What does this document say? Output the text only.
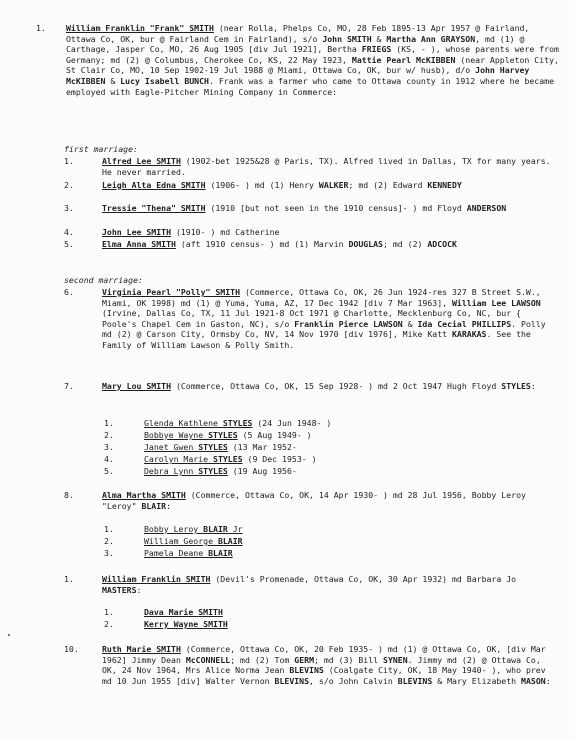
1. William Franklin "Frank" SMITH (near Rolla, Phelps Co, MO, 28 Feb 1895-13 Apr 1957 @ Fairland, Ottawa Co, OK, bur @ Fairland Cem in Fairland), s/o John SMITH & Martha Ann GRAYSON, md (1) @ Carthage, Jasper Co, MO, 26 Aug 1905 [div Jul 1921], Bertha FRIEGS (KS, - ), whose parents were from Germany; md (2) @ Columbus, Cherokee Co, KS, 22 May 1923, Mattie Pearl McKIBBEN (near Appleton City, St Clair Co, MO, 10 Sep 1902-19 Jul 1988 @ Miami, Ottawa Co, OK, bur w/ husb), d/o John Harvey McKIBBEN & Lucy Isabell BUNCH. Frank was a farmer who came to Ottawa county in 1912 where he became employed with Eagle-Pitcher Mining Company in Commerce:
first marriage:
1.	Alfred Lee SMITH (1902-bet 1925&28 @ Paris, TX). Alfred lived in Dallas, TX for many years. He never married.
2.	Leigh Alta Edna SMITH (1906- ) md (1) Henry WALKER; md (2) Edward KENNEDY
3.	Tressie "Thena" SMITH (1910 [but not seen in the 1910 census]- ) md Floyd ANDERSON
4.	John Lee SMITH (1910- ) md Catherine
5.	Elma Anna SMITH (aft 1910 census- ) md (1) Marvin DOUGLAS; md (2) ADCOCK
second marriage:
6.	Virginia Pearl "Polly" SMITH (Commerce, Ottawa Co, OK, 26 Jun 1924-res 327 B Street S.W., Miami, OK 1998) md (1) @ Yuma, Yuma, AZ, 17 Dec 1942 [div 7 Mar 1963], William Lee LAWSON (Irvine, Dallas Co, TX, 11 Jul 1921-8 Oct 1971 @ Charlotte, Mecklenburg Co, NC, bur { Poole's Chapel Cem in Gaston, NC), s/o Franklin Pierce LAWSON & Ida Cecial PHILLIPS. Polly md (2) @ Carson City, Ormsby Co, NV, 14 Nov 1970 [div 1976], Mike Katt KARAKAS. See the Family of William Lawson & Polly Smith.
7.	Mary Lou SMITH (Commerce, Ottawa Co, OK, 15 Sep 1928- ) md 2 Oct 1947 Hugh Floyd STYLES:
1.	Glenda Kathlene STYLES (24 Jun 1948- )
2.	Bobbye Wayne STYLES (5 Aug 1949- )
3.	Janet Gwen STYLES (13 Mar 1952-
4.	Carolyn Marie STYLES (9 Dec 1953- )
5.	Debra Lynn STYLES (19 Aug 1956-
8.	Alma Martha SMITH (Commerce, Ottawa Co, OK, 14 Apr 1930- ) md 28 Jul 1956, Bobby Leroy "Leroy" BLAIR:
1.	Bobby Leroy BLAIR Jr
2.	William George BLAIR
3.	Pamela Deane BLAIR
1.	William Franklin SMITH (Devil's Promenade, Ottawa Co, OK, 30 Apr 1932) md Barbara Jo MASTERS:
1.	Dava Marie SMITH
2.	Kerry Wayne SMITH
10.	Ruth Marie SMITH (Commerce, Ottawa Co, OK, 20 Feb 1935- ) md (1) @ Ottawa Co, OK, [div Mar 1962] Jimmy Dean McCONNELL; md (2) Tom GERM; md (3) Bill SYNEN. Jimmy md (2) @ Ottawa Co, OK, 24 Nov 1964, Mrs Alice Norma Jean BLEVINS (Coalgate City, OK, 18 May 1940- ), who prev md 10 Jun 1955 [div] Walter Vernon BLEVINS, s/o John Calvin BLEVINS & Mary Elizabeth MASON:
